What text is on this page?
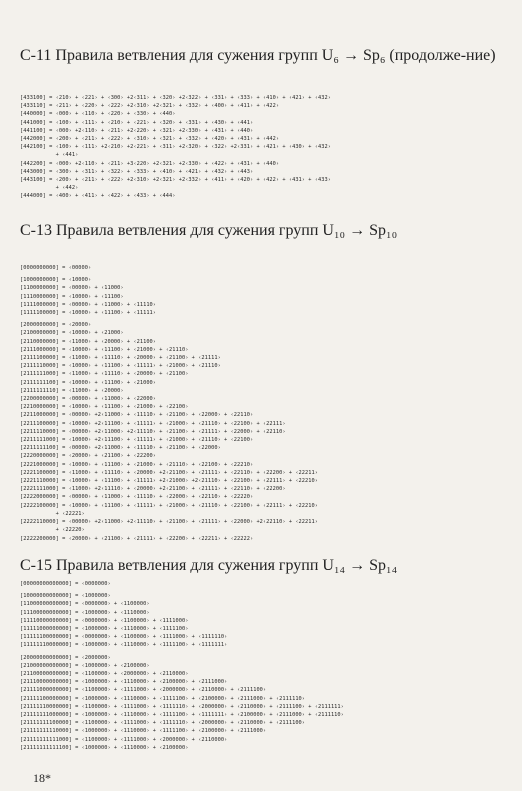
С-11 Правила ветвления для сужения групп U₆ → Sp₆ (продолже-ние)
[433100] = ‹210› + ‹221› + ‹300› +2‹311› + ‹320› +2‹322› + ‹331› + ‹333› + ‹410› + ‹421› + ‹432›
[433110] = ‹211› + ‹220› + ‹222› +2‹310› +2‹321› + ‹332› + ‹400› + ‹411› + ‹422›
[440000] = ‹000› + ‹110› + ‹220› + ‹330› + ‹440›
[441000] = ‹100› + ‹111› + ‹210› + ‹221› + ‹320› + ‹331› + ‹430› + ‹441›
[441100] = ‹000› +2‹110› + ‹211› +2‹220› + ‹321› +2‹330› + ‹431› + ‹440›
[442000] = ‹200› + ‹211› + ‹222› + ‹310› + ‹321› + ‹332› + ‹420› + ‹431› + ‹442›
[442100] = ‹100› + ‹111› +2‹210› +2‹221› + ‹311› +2‹320› + ‹322› +2‹331› + ‹421› + ‹430› + ‹432›
+ ‹441›
[442200] = ‹000› +2‹110› + ‹211› +3‹220› +2‹321› +2‹330› + ‹422› + ‹431› + ‹440›
[443000] = ‹300› + ‹311› + ‹322› + ‹333› + ‹410› + ‹421› + ‹432› + ‹443›
[443100] = ‹200› + ‹211› + ‹222› +2‹310› +2‹321› +2‹332› + ‹411› + ‹420› + ‹422› + ‹431› + ‹433›
+ ‹442›
[444000] = ‹400› + ‹411› + ‹422› + ‹433› + ‹444›
С-13 Правила ветвления для сужения групп U₁₀ → Sp₁₀
[0000000000] = ‹00000›
[1000000000] = ‹10000›
[1100000000] = ‹00000› + ‹11000›
[1110000000] = ‹10000› + ‹11100›
[1111000000] = ‹00000› + ‹11000› + ‹11110›
[1111100000] = ‹10000› + ‹11100› + ‹11111›
[2000000000] = ‹20000›
[2100000000] = ‹10000› + ‹21000›
[2110000000] = ‹11000› + ‹20000› + ‹21100›
[2111000000] = ‹10000› + ‹11100› + ‹21000› + ‹21110›
[2111100000] = ‹11000› + ‹11110› + ‹20000› + ‹21100› + ‹21111›
[2111110000] = ‹10000› + ‹11100› + ‹11111› + ‹21000› + ‹21110›
[2111111000] = ‹11000› + ‹11110› + ‹20000› + ‹21100›
[2111111100] = ‹10000› + ‹11100› + ‹21000›
[2111111110] = ‹11000› + ‹20000›
[2200000000] = ‹00000› + ‹11000› + ‹22000›
[2210000000] = ‹10000› + ‹11100› + ‹21000› + ‹22100›
[2211000000] = ‹00000› +2‹11000› + ‹11110› + ‹21100› + ‹22000› + ‹22110›
[2211100000] = ‹10000› +2‹11100› + ‹11111› + ‹21000› + ‹21110› + ‹22100› + ‹22111›
[2211110000] = ‹00000› +2‹11000› +2‹11110› + ‹21100› + ‹21111› + ‹22000› + ‹22110›
[2211111000] = ‹10000› +2‹11100› + ‹11111› + ‹21000› + ‹21110› + ‹22100›
[2211111100] = ‹00000› +2‹11000› + ‹11110› + ‹21100› + ‹22000›
[2220000000] = ‹20000› + ‹21100› + ‹22200›
[2221000000] = ‹10000› + ‹11100› + ‹21000› + ‹21110› + ‹22100› + ‹22210›
[2221100000] = ‹11000› + ‹11110› + ‹20000› +2‹21100› + ‹21111› + ‹22110› + ‹22200› + ‹22211›
[2221110000] = ‹10000› + ‹11100› + ‹11111› +2‹21000› +2‹21110› + ‹22100› + ‹22111› + ‹22210›
[2221111000] = ‹11000› +2‹11110› + ‹20000› +2‹21100› + ‹21111› + ‹22110› + ‹22200›
[2222000000] = ‹00000› + ‹11000› + ‹11110› + ‹22000› + ‹22110› + ‹22220›
[2222100000] = ‹10000› + ‹11100› + ‹11111› + ‹21000› + ‹21110› + ‹22100› + ‹22111› + ‹22210›
+ ‹22221›
[2222110000] = ‹00000› +2‹11000› +2‹11110› + ‹21100› + ‹21111› + ‹22000› +2‹22110› + ‹22211›
+ ‹22220›
[2222200000] = ‹20000› + ‹21100› + ‹21111› + ‹22200› + ‹22211› + ‹22222›
С-15 Правила ветвления для сужения групп U₁₄ → Sp₁₄
[00000000000000] = ‹0000000›
[10000000000000] = ‹1000000›
[11000000000000] = ‹0000000› + ‹1100000›
[11100000000000] = ‹1000000› + ‹1110000›
[11110000000000] = ‹0000000› + ‹1100000› + ‹1111000›
[11111000000000] = ‹1000000› + ‹1110000› + ‹1111100›
[11111100000000] = ‹0000000› + ‹1100000› + ‹1111000› + ‹1111110›
[11111110000000] = ‹1000000› + ‹1110000› + ‹1111100› + ‹1111111›
[20000000000000] = ‹2000000›
[21000000000000] = ‹1000000› + ‹2100000›
[21100000000000] = ‹1100000› + ‹2000000› + ‹2110000›
[21110000000000] = ‹1000000› + ‹1110000› + ‹2100000› + ‹2111000›
[21111000000000] = ‹1100000› + ‹1111000› + ‹2000000› + ‹2110000› + ‹2111100›
[21111100000000] = ‹1000000› + ‹1110000› + ‹1111100› + ‹2100000› + ‹2111000› + ‹2111110›
[21111110000000] = ‹1100000› + ‹1111000› + ‹1111110› + ‹2000000› + ‹2110000› + ‹2111100› + ‹2111111›
[21111111000000] = ‹1000000› + ‹1110000› + ‹1111100› + ‹1111111› + ‹2100000› + ‹2111000› + ‹2111110›
[21111111100000] = ‹1100000› + ‹1111000› + ‹1111110› + ‹2000000› + ‹2110000› + ‹2111100›
[21111111110000] = ‹1000000› + ‹1110000› + ‹1111100› + ‹2100000› + ‹2111000›
[21111111111000] = ‹1100000› + ‹1111000› + ‹2000000› + ‹2110000›
[21111111111100] = ‹1000000› + ‹1110000› + ‹2100000›
18*
